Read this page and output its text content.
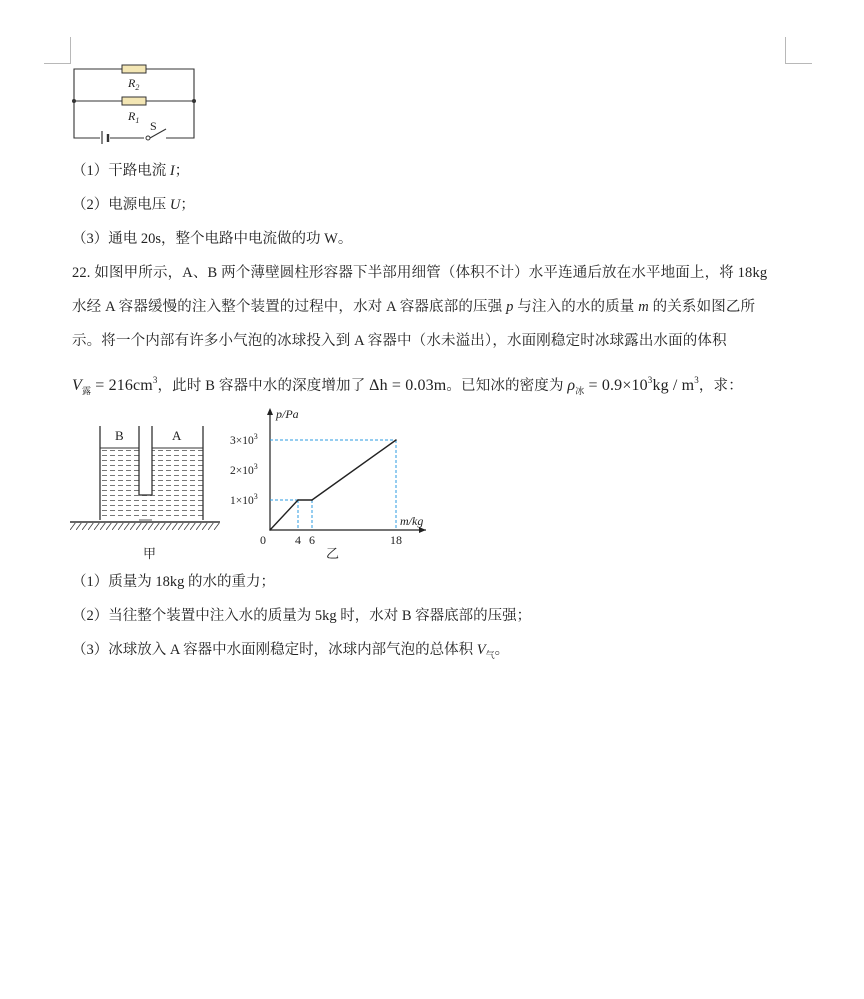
$R_2$
$R_1$ S
（1）干路电流 I；
（2）电源电压 U；
（3）通电 20s，整个电路中电流做的功 W。
22. 如图甲所示，A、B 两个薄壁圆柱形容器下半部用细管（体积不计）水平连通后放在水平地面上，将 18kg
水经 A 容器缓慢的注入整个装置的过程中，水对 A 容器底部的压强 p 与注入的水的质量 m 的关系如图乙所
示。将一个内部有许多小气泡的冰球投入到 A 容器中（水未溢出），水面刚稳定时冰球露出水面的体积
$V_露 = 216cm^3$，此时 B 容器中水的深度增加了 Δh = 0.03m。已知冰的密度为 $\rho_冰 = 0.9\times 10^3kg / m^3$，求：
B	A
甲
p/Pa
m/kg
0
$1\times 10^3$
$2\times 10^3$
$3\times 10^3$
4 6	18
乙
（1）质量为 18kg 的水的重力；
（2）当往整个装置中注入水的质量为 5kg 时，水对 B 容器底部的压强；
（3）冰球放入 A 容器中水面刚稳定时，冰球内部气泡的总体积 $V_气$。
